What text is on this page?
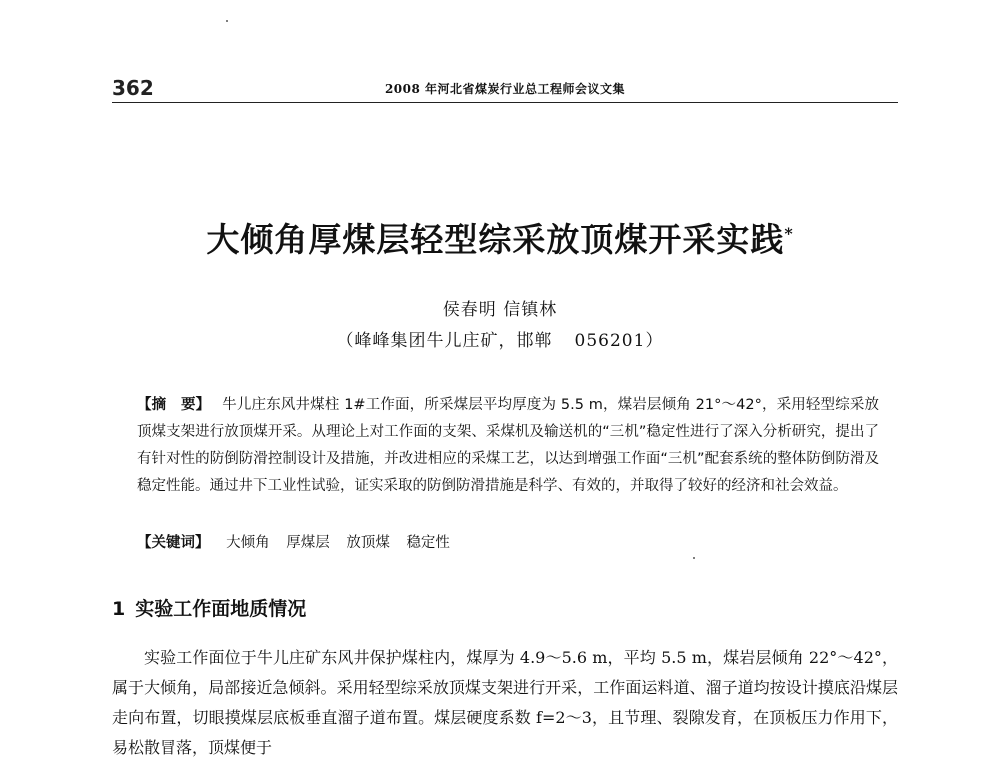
362	2008 年河北省煤炭行业总工程师会议文集
大倾角厚煤层轻型综采放顶煤开采实践*
侯春明 信镇林
（峰峰集团牛儿庄矿，邯郸 056201）
【摘　要】 牛儿庄东风井煤柱 1#工作面，所采煤层平均厚度为 5.5 m，煤岩层倾角 21°～42°，采用轻型综采放顶煤支架进行放顶煤开采。从理论上对工作面的支架、采煤机及输送机的“三机”稳定性进行了深入分析研究，提出了有针对性的防倒防滑控制设计及措施，并改进相应的采煤工艺，以达到增强工作面“三机”配套系统的整体防倒防滑及稳定性能。通过井下工业性试验，证实采取的防倒防滑措施是科学、有效的，并取得了较好的经济和社会效益。
【关键词】 大倾角 厚煤层 放顶煤 稳定性
1 实验工作面地质情况

实验工作面位于牛儿庄矿东风井保护煤柱内，煤厚为 4.9～5.6 m，平均 5.5 m，煤岩层倾角 22°～42°，属于大倾角，局部接近急倾斜。采用轻型综采放顶煤支架进行开采，工作面运料道、溜子道均按设计摸底沿煤层走向布置，切眼摸煤层底板垂直溜子道布置。煤层硬度系数 f=2～3，且节理、裂隙发育，在顶板压力作用下，易松散冒落，顶煤便于
